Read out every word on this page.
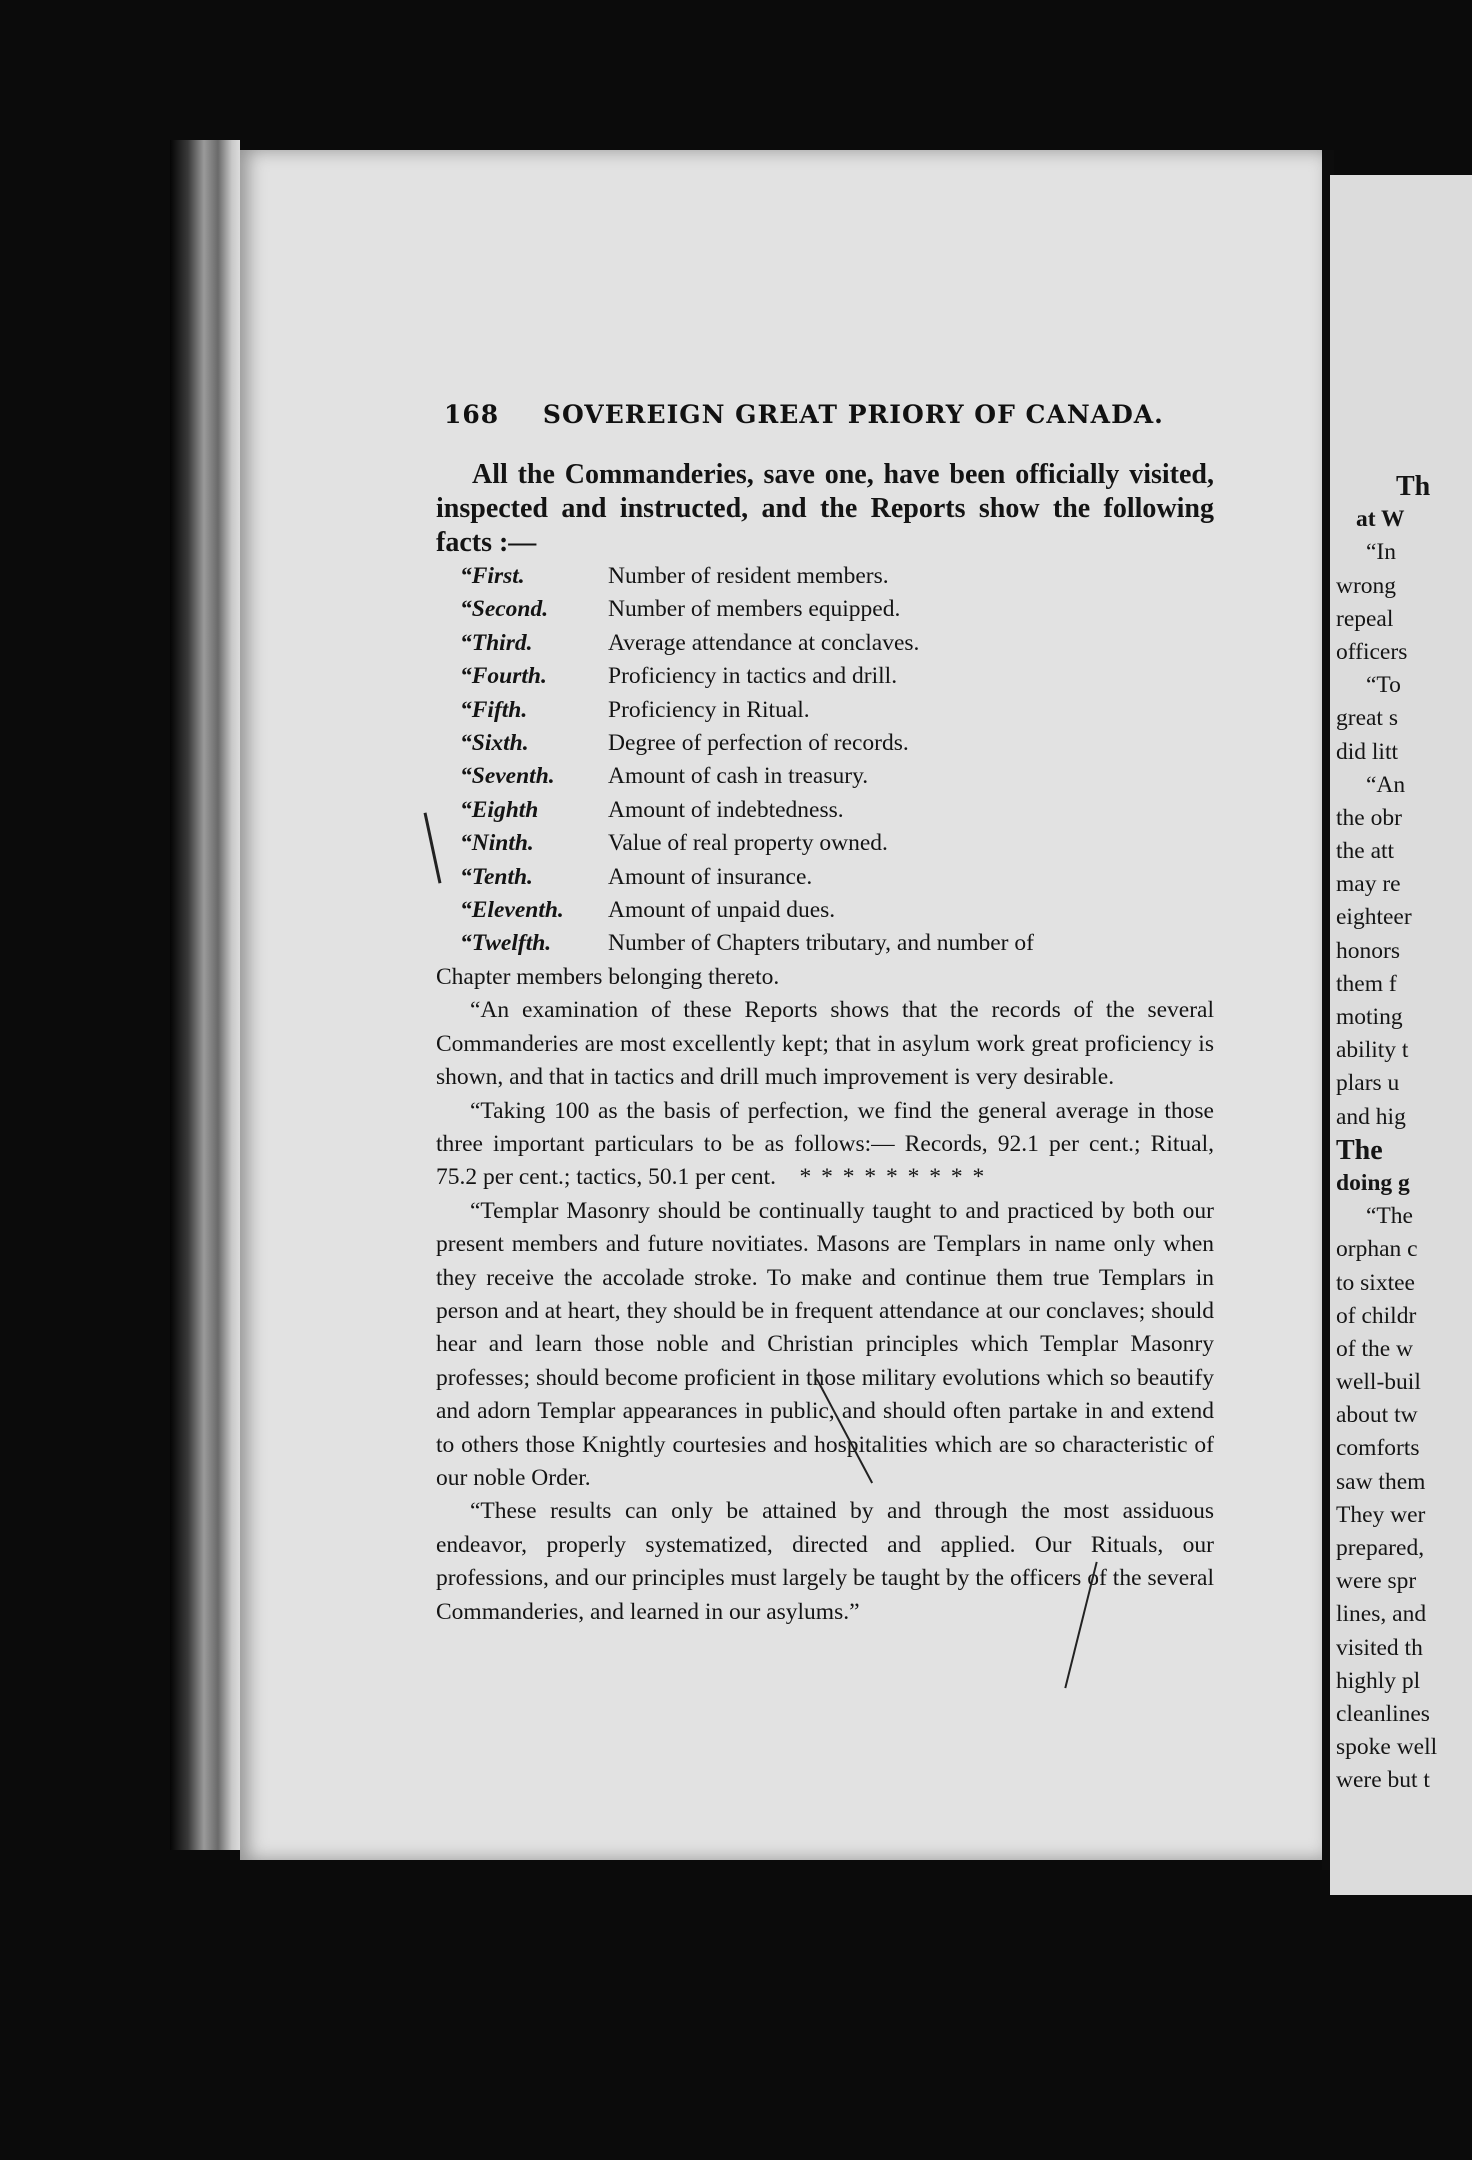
168 SOVEREIGN GREAT PRIORY OF CANADA.

All the Commanderies, save one, have been officially visited, inspected and instructed, and the Reports show the following facts :—

“First.	Number of resident members.
“Second.	Number of members equipped.
“Third.	Average attendance at conclaves.
“Fourth.	Proficiency in tactics and drill.
“Fifth.	Proficiency in Ritual.
“Sixth.	Degree of perfection of records.
“Seventh.	Amount of cash in treasury.
“Eighth	Amount of indebtedness.
“Ninth.	Value of real property owned.
“Tenth.	Amount of insurance.
“Eleventh.	Amount of unpaid dues.
“Twelfth.	Number of Chapters tributary, and number of
Chapter members belonging thereto.

“An examination of these Reports shows that the records of the several Commanderies are most excellently kept; that in asylum work great proficiency is shown, and that in tactics and drill much improvement is very desirable.

“Taking 100 as the basis of perfection, we find the general average in those three important particulars to be as follows:— Records, 92.1 per cent.; Ritual, 75.2 per cent.; tactics, 50.1 per cent. * * * * * * * * *

“Templar Masonry should be continually taught to and practiced by both our present members and future novitiates. Masons are Templars in name only when they receive the accolade stroke. To make and continue them true Templars in person and at heart, they should be in frequent attendance at our conclaves; should hear and learn those noble and Christian principles which Templar Masonry professes; should become proficient in those military evolutions which so beautify and adorn Templar appearances in public, and should often partake in and extend to others those Knightly courtesies and hospitalities which are so characteristic of our noble Order.

“These results can only be attained by and through the most assiduous endeavor, properly systematized, directed and applied. Our Rituals, our professions, and our principles must largely be taught by the officers of the several Commanderies, and learned in our asylums.”

Th
at W
“In
wrong
repeal
officers
“To
great s
did litt
“An
the obr
the att
may re
eighteer
honors
them f
moting
ability t
plars u
and hig
The
doing g
“The
orphan c
to sixtee
of childr
of the w
well-buil
about tw
comforts
saw them
They wer
prepared,
were spr
lines, and
visited th
highly pl
cleanlines
spoke well
were but t
